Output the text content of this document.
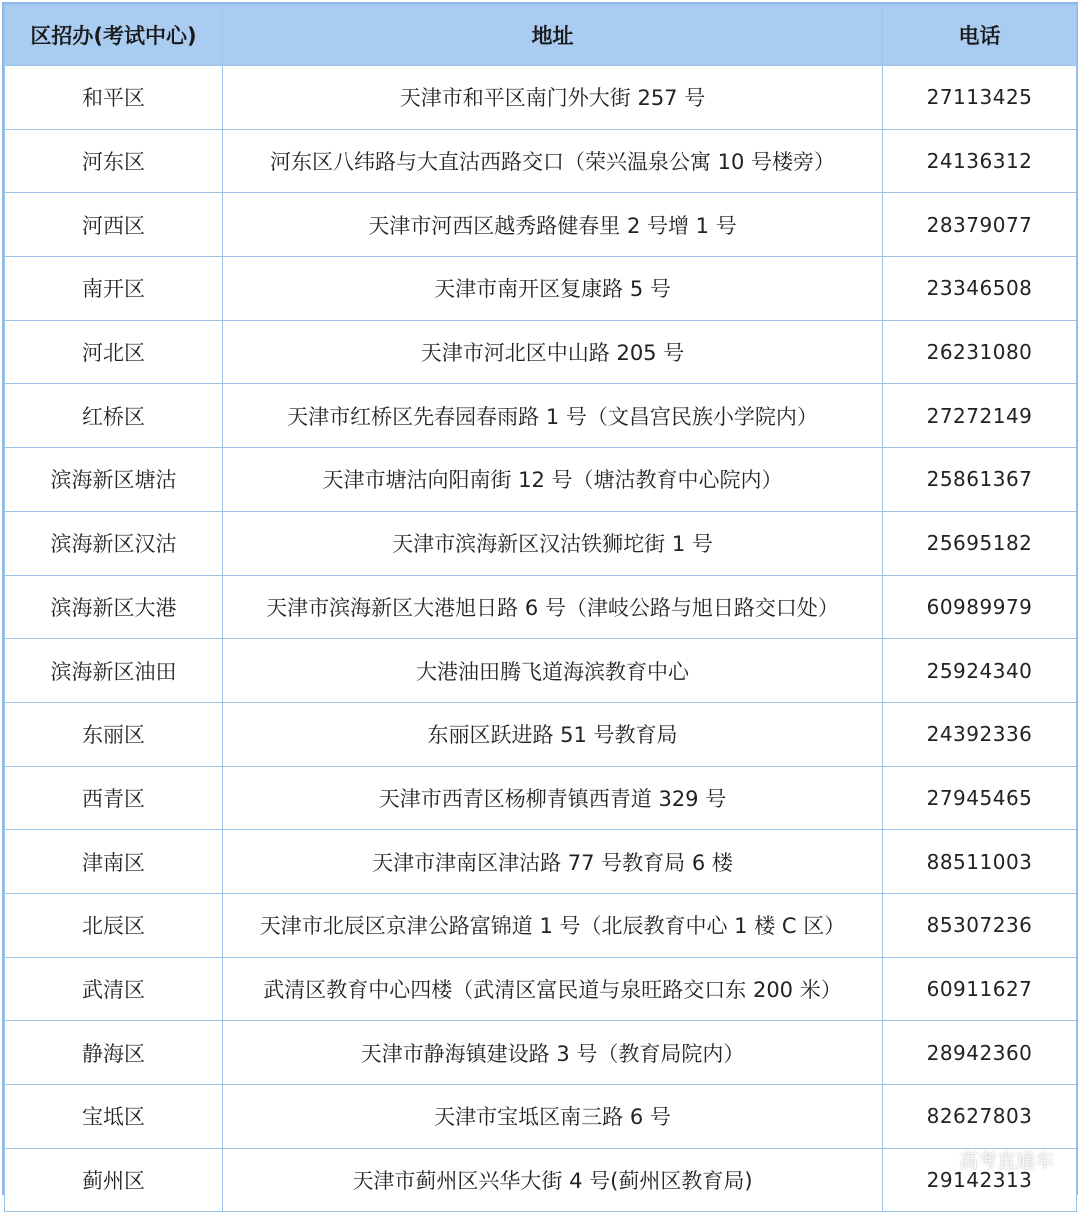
区招办(考试中心)	地址	电话
和平区	天津市和平区南门外大街 257 号	27113425
河东区	河东区八纬路与大直沽西路交口（荣兴温泉公寓 10 号楼旁）	24136312
河西区	天津市河西区越秀路健春里 2 号增 1 号	28379077
南开区	天津市南开区复康路 5 号	23346508
河北区	天津市河北区中山路 205 号	26231080
红桥区	天津市红桥区先春园春雨路 1 号（文昌宫民族小学院内）	27272149
滨海新区塘沽	天津市塘沽向阳南街 12 号（塘沽教育中心院内）	25861367
滨海新区汉沽	天津市滨海新区汉沽铁狮坨街 1 号	25695182
滨海新区大港	天津市滨海新区大港旭日路 6 号（津岐公路与旭日路交口处）	60989979
滨海新区油田	大港油田腾飞道海滨教育中心	25924340
东丽区	东丽区跃进路 51 号教育局	24392336
西青区	天津市西青区杨柳青镇西青道 329 号	27945465
津南区	天津市津南区津沽路 77 号教育局 6 楼	88511003
北辰区	天津市北辰区京津公路富锦道 1 号（北辰教育中心 1 楼 C 区）	85307236
武清区	武清区教育中心四楼（武清区富民道与泉旺路交口东 200 米）	60911627
静海区	天津市静海镇建设路 3 号（教育局院内）	28942360
宝坻区	天津市宝坻区南三路 6 号	82627803
蓟州区	天津市蓟州区兴华大街 4 号(蓟州区教育局)	29142313
高考直通车
